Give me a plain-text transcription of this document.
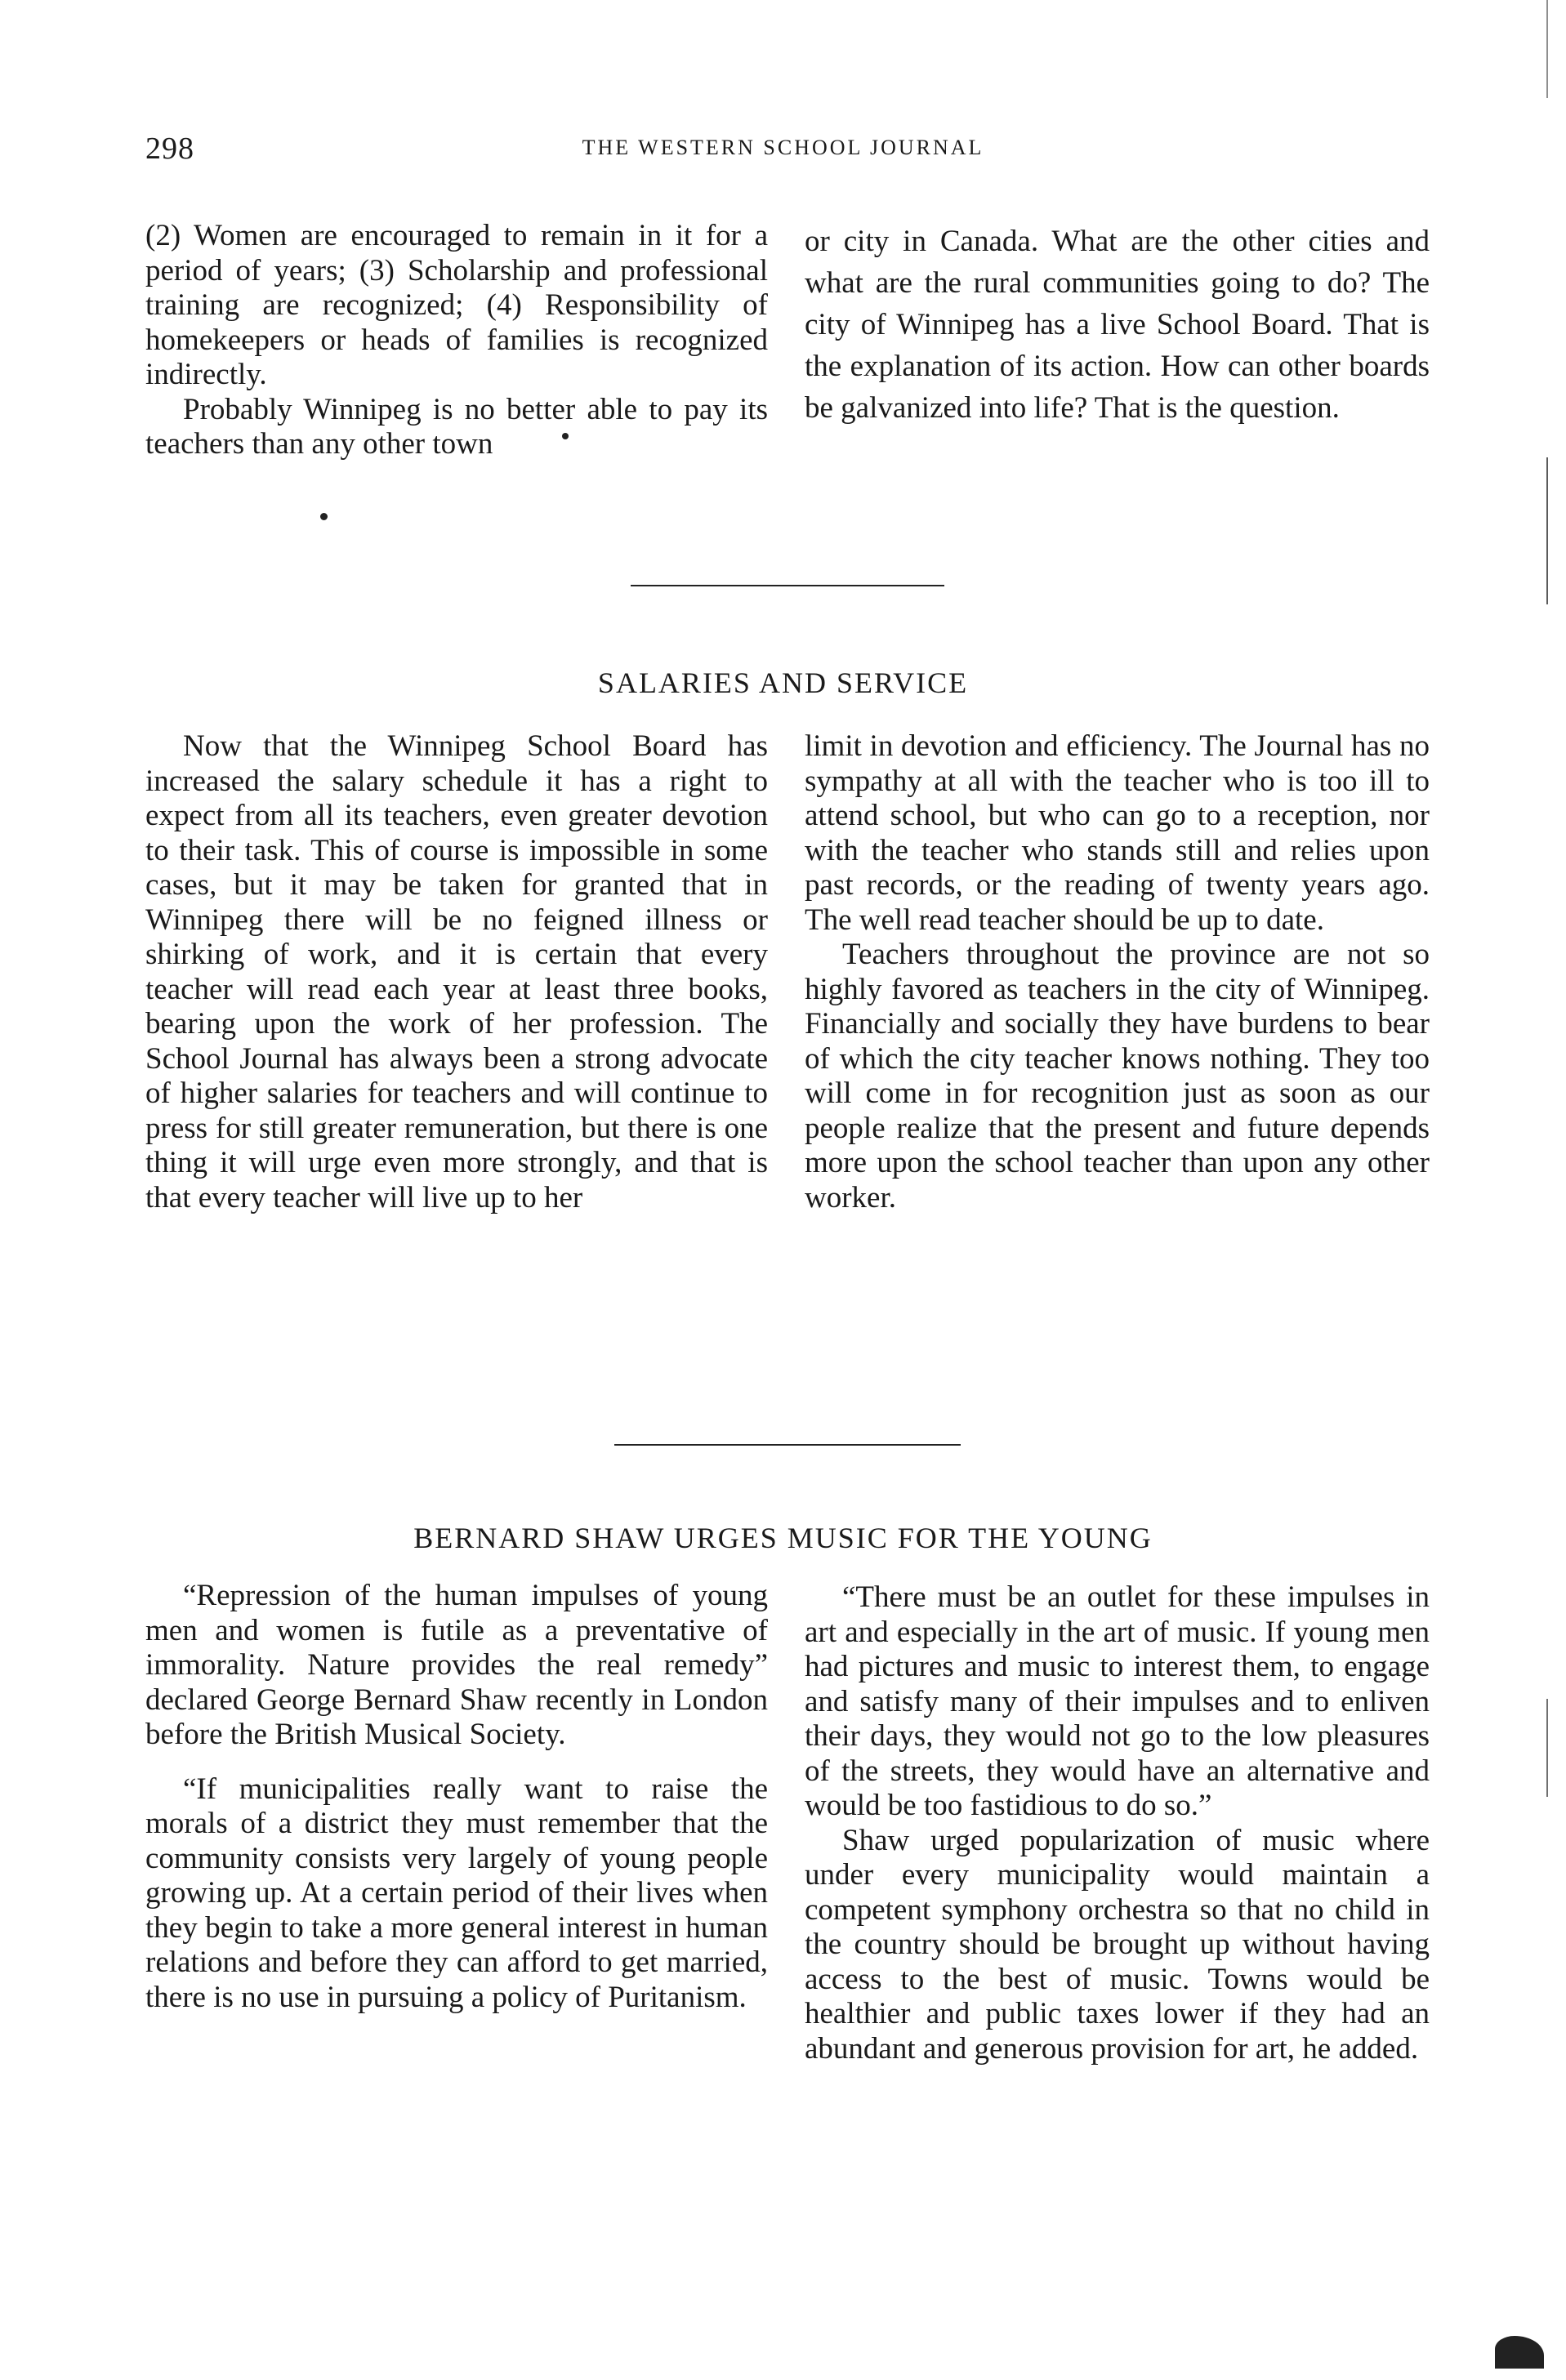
298	THE WESTERN SCHOOL JOURNAL

(2) Women are encouraged to remain in it for a period of years; (3) Scholarship and professional training are recognized; (4) Responsibility of homekeepers or heads of families is recognized indirectly.

Probably Winnipeg is no better able to pay its teachers than any other town

or city in Canada. What are the other cities and what are the rural communities going to do? The city of Winnipeg has a live School Board. That is the explanation of its action. How can other boards be galvanized into life? That is the question.

SALARIES AND SERVICE

Now that the Winnipeg School Board has increased the salary schedule it has a right to expect from all its teachers, even greater devotion to their task. This of course is impossible in some cases, but it may be taken for granted that in Winnipeg there will be no feigned illness or shirking of work, and it is certain that every teacher will read each year at least three books, bearing upon the work of her profession. The School Journal has always been a strong advocate of higher salaries for teachers and will continue to press for still greater remuneration, but there is one thing it will urge even more strongly, and that is that every teacher will live up to her

limit in devotion and efficiency. The Journal has no sympathy at all with the teacher who is too ill to attend school, but who can go to a reception, nor with the teacher who stands still and relies upon past records, or the reading of twenty years ago. The well read teacher should be up to date.

Teachers throughout the province are not so highly favored as teachers in the city of Winnipeg. Financially and socially they have burdens to bear of which the city teacher knows nothing. They too will come in for recognition just as soon as our people realize that the present and future depends more upon the school teacher than upon any other worker.

BERNARD SHAW URGES MUSIC FOR THE YOUNG

“Repression of the human impulses of young men and women is futile as a preventative of immorality. Nature provides the real remedy” declared George Bernard Shaw recently in London before the British Musical Society.

“If municipalities really want to raise the morals of a district they must remember that the community consists very largely of young people growing up. At a certain period of their lives when they begin to take a more general interest in human relations and before they can afford to get married, there is no use in pursuing a policy of Puritanism.

“There must be an outlet for these impulses in art and especially in the art of music. If young men had pictures and music to interest them, to engage and satisfy many of their impulses and to enliven their days, they would not go to the low pleasures of the streets, they would have an alternative and would be too fastidious to do so.”

Shaw urged popularization of music where under every municipality would maintain a competent symphony orchestra so that no child in the country should be brought up without having access to the best of music. Towns would be healthier and public taxes lower if they had an abundant and generous provision for art, he added.
